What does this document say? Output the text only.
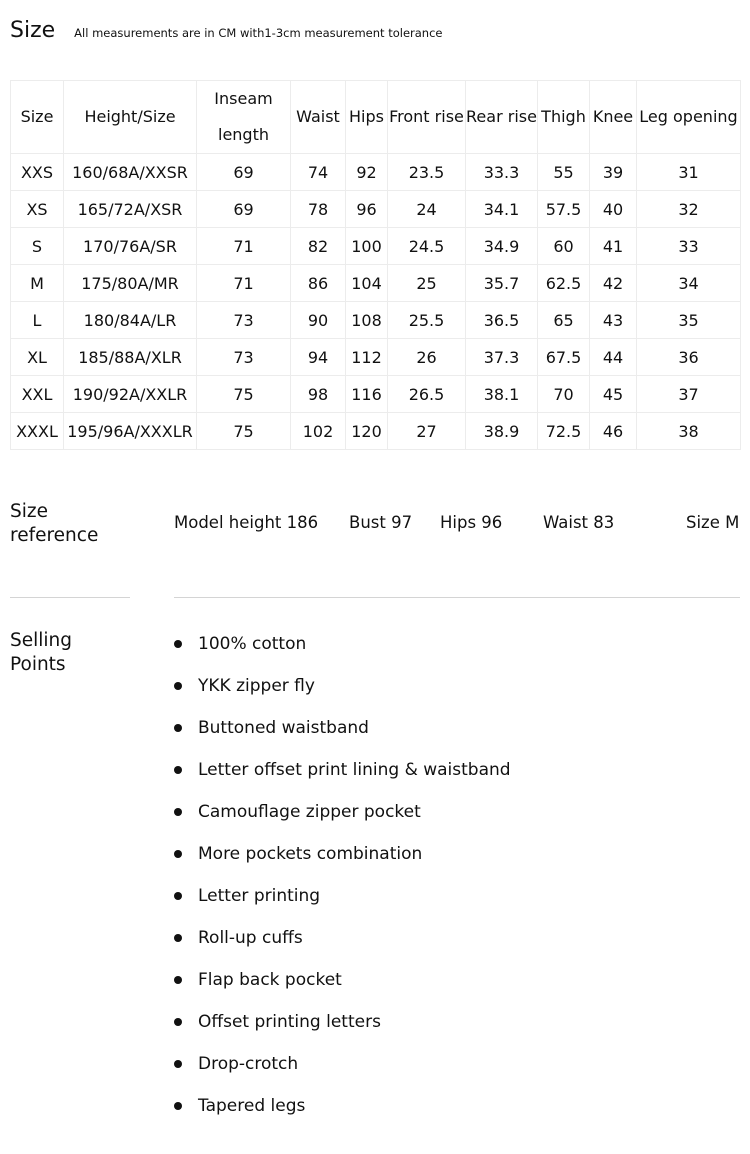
Size All measurements are in CM with1-3cm measurement tolerance
Size	Height/Size	Inseam length	Waist	Hips	Front rise	Rear rise	Thigh	Knee	Leg opening
XXS	160/68A/XXSR	69	74	92	23.5	33.3	55	39	31
XS	165/72A/XSR	69	78	96	24	34.1	57.5	40	32
S	170/76A/SR	71	82	100	24.5	34.9	60	41	33
M	175/80A/MR	71	86	104	25	35.7	62.5	42	34
L	180/84A/LR	73	90	108	25.5	36.5	65	43	35
XL	185/88A/XLR	73	94	112	26	37.3	67.5	44	36
XXL	190/92A/XXLR	75	98	116	26.5	38.1	70	45	37
XXXL	195/96A/XXXLR	75	102	120	27	38.9	72.5	46	38
Size
reference
Model height 186 Bust 97 Hips 96 Waist 83	Size M
Selling
Points
100% cotton
YKK zipper fly
Buttoned waistband
Letter offset print lining & waistband
Camouflage zipper pocket
More pockets combination
Letter printing
Roll-up cuffs
Flap back pocket
Offset printing letters
Drop-crotch
Tapered legs
